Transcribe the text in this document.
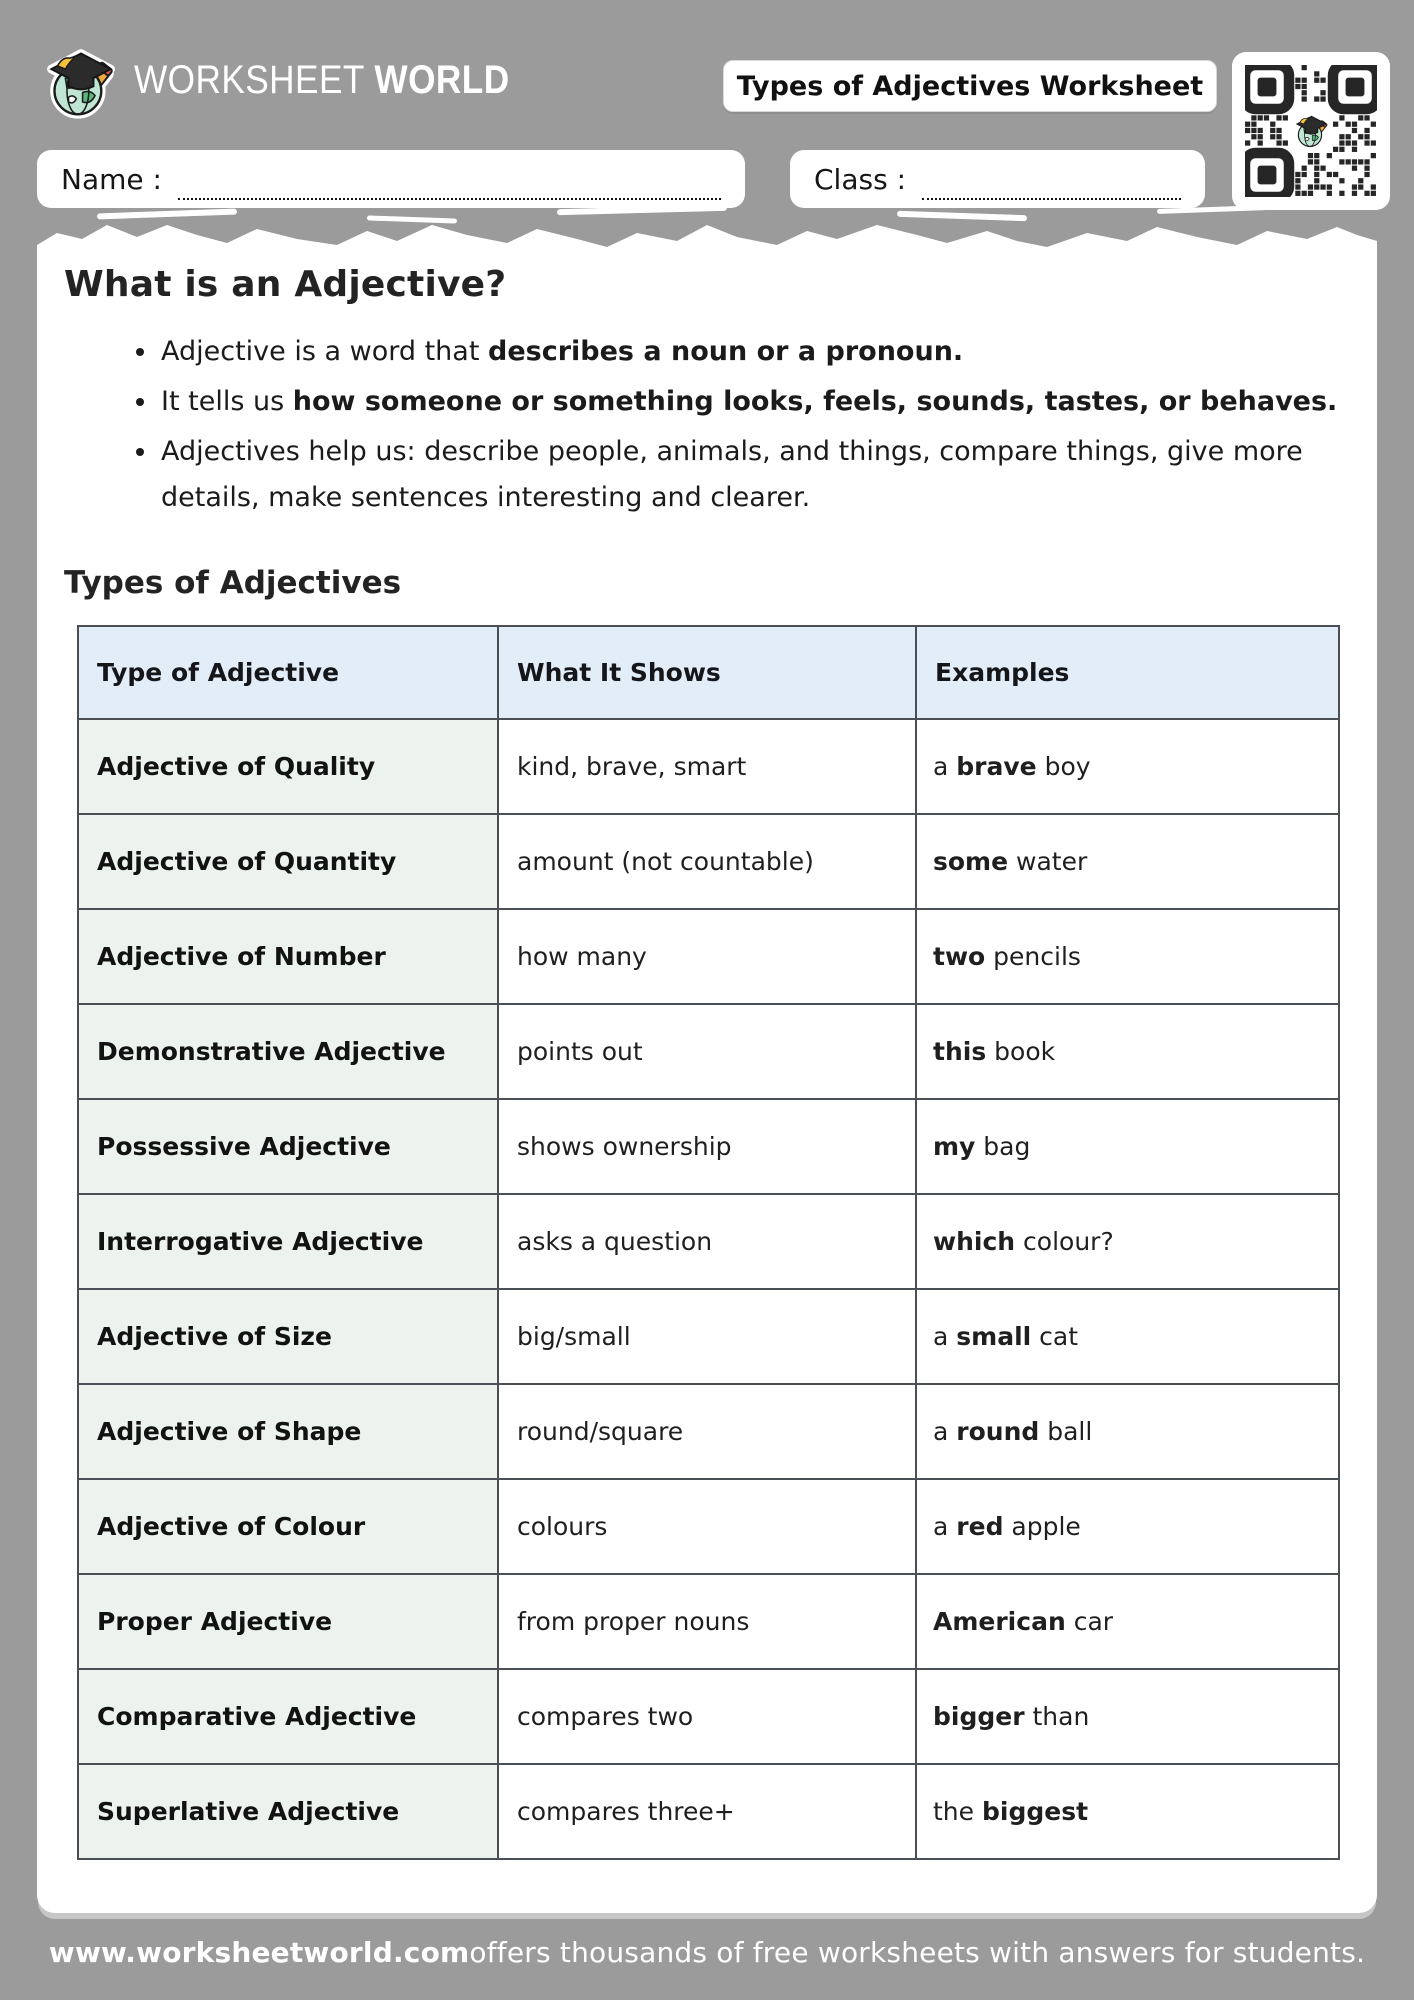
WORKSHEET WORLD	Types of Adjectives Worksheet
Name :	Class :
What is an Adjective?
• Adjective is a word that describes a noun or a pronoun.
• It tells us how someone or something looks, feels, sounds, tastes, or behaves.
• Adjectives help us: describe people, animals, and things, compare things, give more details, make sentences interesting and clearer.
Types of Adjectives
Type of Adjective	What It Shows	Examples
Adjective of Quality	kind, brave, smart	a brave boy
Adjective of Quantity	amount (not countable)	some water
Adjective of Number	how many	two pencils
Demonstrative Adjective	points out	this book
Possessive Adjective	shows ownership	my bag
Interrogative Adjective	asks a question	which colour?
Adjective of Size	big/small	a small cat
Adjective of Shape	round/square	a round ball
Adjective of Colour	colours	a red apple
Proper Adjective	from proper nouns	American car
Comparative Adjective	compares two	bigger than
Superlative Adjective	compares three+	the biggest
www.worksheetworld.com offers thousands of free worksheets with answers for students.
